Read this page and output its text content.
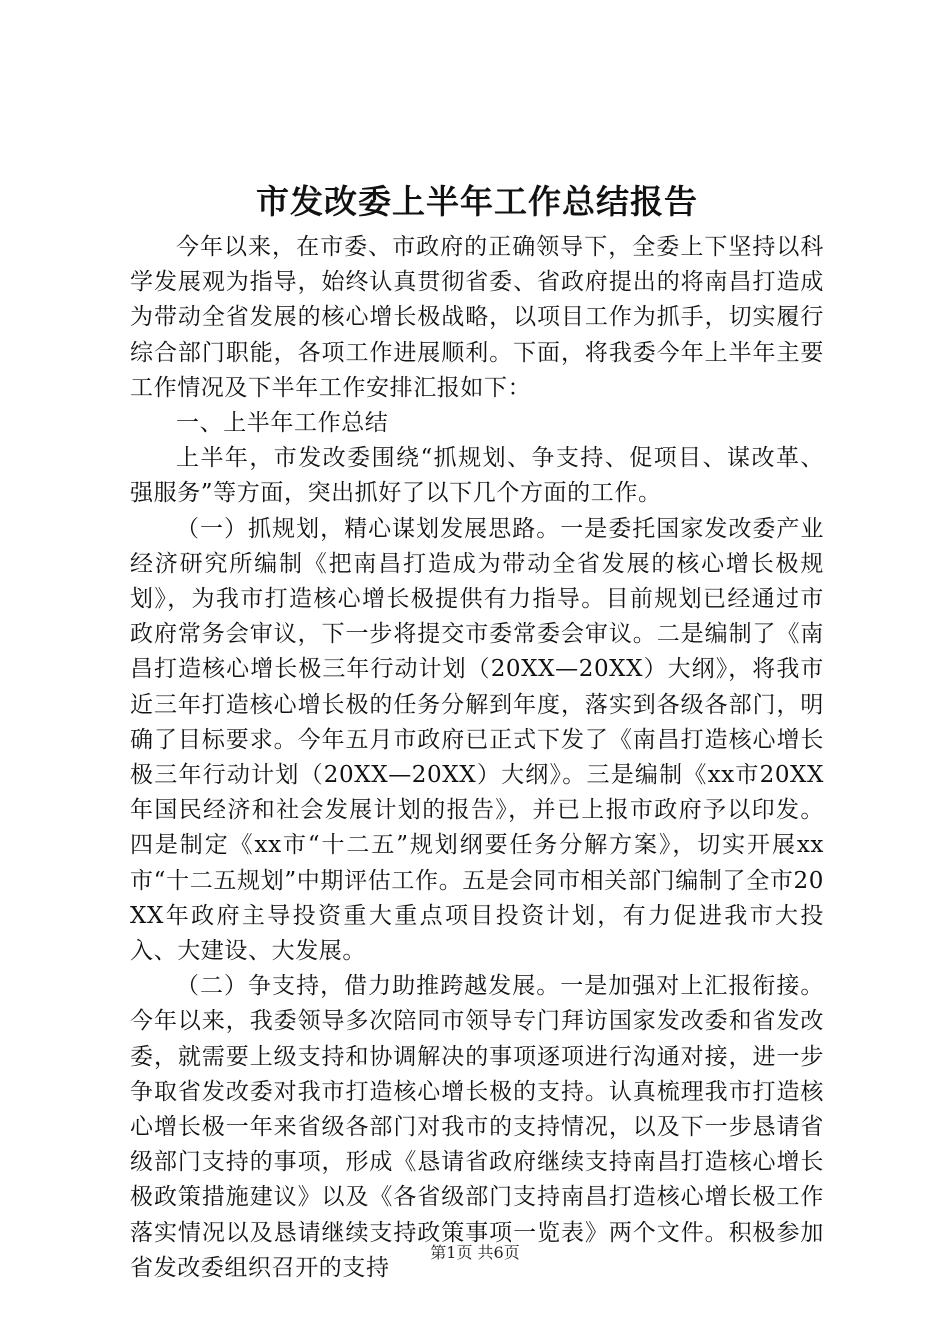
市发改委上半年工作总结报告

今年以来，在市委、市政府的正确领导下，全委上下坚持以科学发展观为指导，始终认真贯彻省委、省政府提出的将南昌打造成为带动全省发展的核心增长极战略，以项目工作为抓手，切实履行综合部门职能，各项工作进展顺利。下面，将我委今年上半年主要工作情况及下半年工作安排汇报如下：

一、上半年工作总结

上半年，市发改委围绕“抓规划、争支持、促项目、谋改革、强服务”等方面，突出抓好了以下几个方面的工作。

（一）抓规划，精心谋划发展思路。一是委托国家发改委产业经济研究所编制《把南昌打造成为带动全省发展的核心增长极规划》，为我市打造核心增长极提供有力指导。目前规划已经通过市政府常务会审议，下一步将提交市委常委会审议。二是编制了《南昌打造核心增长极三年行动计划（20XX—20XX）大纲》，将我市近三年打造核心增长极的任务分解到年度，落实到各级各部门，明确了目标要求。今年五月市政府已正式下发了《南昌打造核心增长极三年行动计划（20XX—20XX）大纲》。三是编制《xx市20XX年国民经济和社会发展计划的报告》，并已上报市政府予以印发。四是制定《xx市“十二五”规划纲要任务分解方案》，切实开展xx市“十二五规划”中期评估工作。五是会同市相关部门编制了全市20XX年政府主导投资重大重点项目投资计划，有力促进我市大投入、大建设、大发展。

（二）争支持，借力助推跨越发展。一是加强对上汇报衔接。今年以来，我委领导多次陪同市领导专门拜访国家发改委和省发改委，就需要上级支持和协调解决的事项逐项进行沟通对接，进一步争取省发改委对我市打造核心增长极的支持。认真梳理我市打造核心增长极一年来省级各部门对我市的支持情况，以及下一步恳请省级部门支持的事项，形成《恳请省政府继续支持南昌打造核心增长极政策措施建议》以及《各省级部门支持南昌打造核心增长极工作落实情况以及恳请继续支持政策事项一览表》两个文件。积极参加省发改委组织召开的支持

第1页 共6页
